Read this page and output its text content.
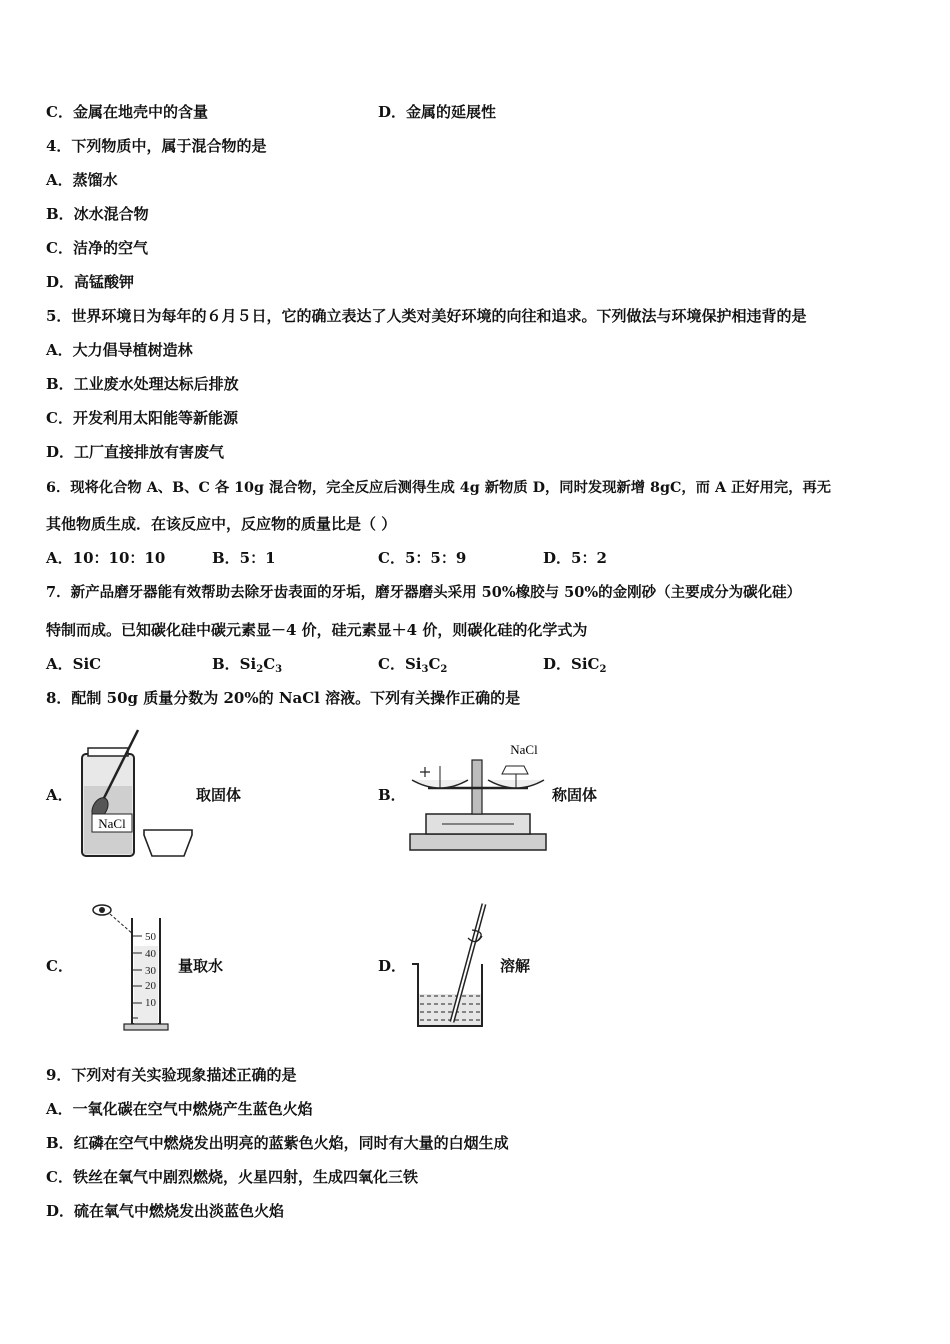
C．金属在地壳中的含量	D．金属的延展性
4．下列物质中，属于混合物的是
A．蒸馏水
B．冰水混合物
C．洁净的空气
D．高锰酸钾
5．世界环境日为每年的６月５日，它的确立表达了人类对美好环境的向往和追求。下列做法与环境保护相违背的是
A．大力倡导植树造林
B．工业废水处理达标后排放
C．开发利用太阳能等新能源
D．工厂直接排放有害废气
6．现将化合物 A、B、C 各 10g 混合物，完全反应后测得生成 4g 新物质 D，同时发现新增 8gC，而 A 正好用完，再无
其他物质生成．在该反应中，反应物的质量比是（ ）
A．10：10：10	B．5：1	C．5：5：9	D．5：2
7．新产品磨牙器能有效帮助去除牙齿表面的牙垢，磨牙器磨头采用 50%橡胶与 50%的金刚砂（主要成分为碳化硅）
特制而成。已知碳化硅中碳元素显－4 价，硅元素显＋4 价，则碳化硅的化学式为
A．SiC	B．$Si_2C_3$	C．$Si_3C_2$	D．SiC$_2$
8．配制 50g 质量分数为 20%的 NaCl 溶液。下列有关操作正确的是
A．
NaCl
取固体	B．
NaCl
称固体
C．
50
40
30
20
10
量取水	D．	溶解
9．下列对有关实验现象描述正确的是
A．一氧化碳在空气中燃烧产生蓝色火焰
B．红磷在空气中燃烧发出明亮的蓝紫色火焰，同时有大量的白烟生成
C．铁丝在氧气中剧烈燃烧，火星四射，生成四氧化三铁
D．硫在氧气中燃烧发出淡蓝色火焰
